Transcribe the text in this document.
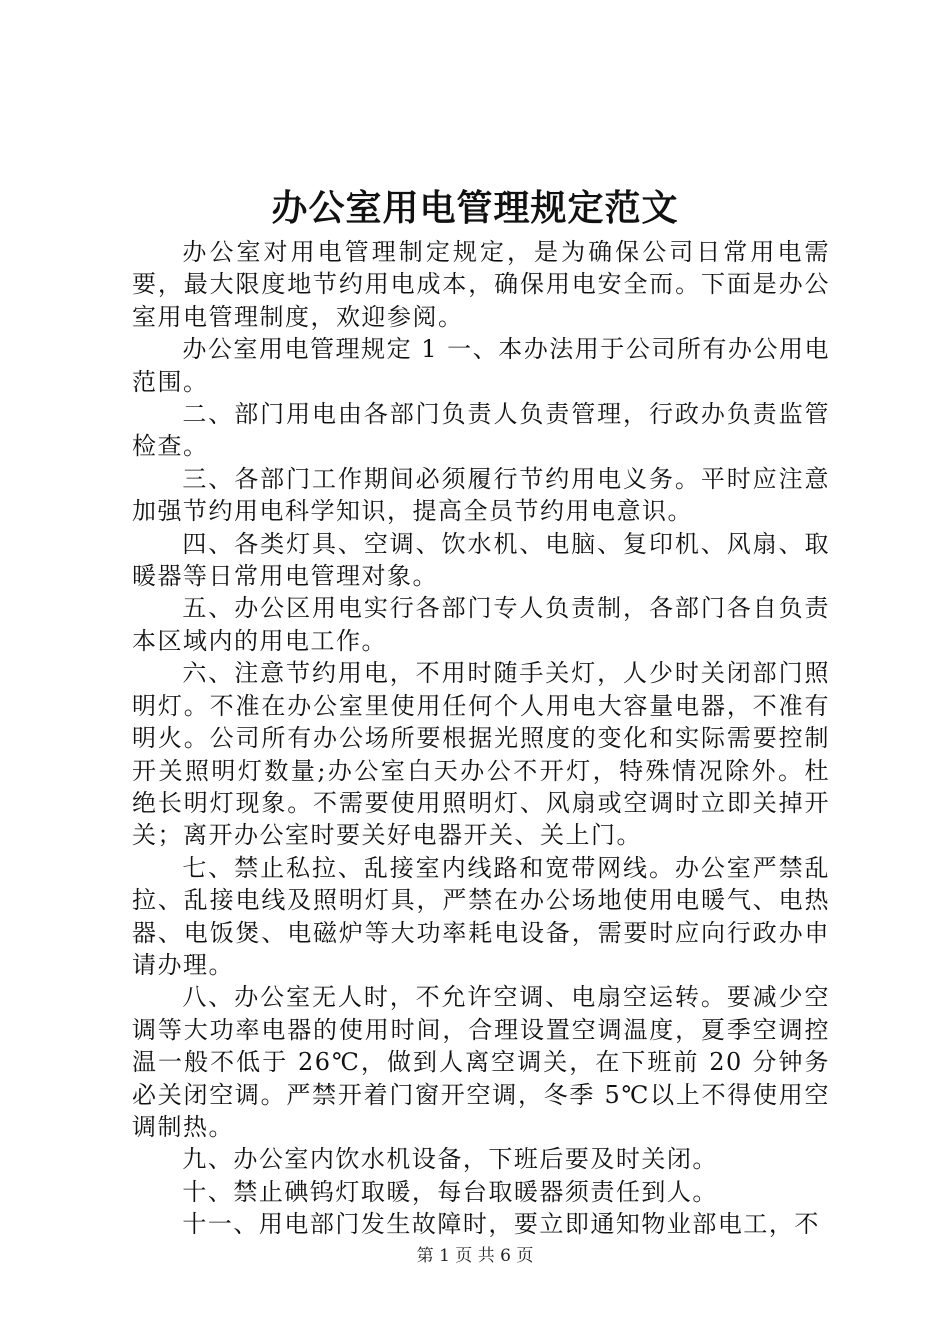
办公室用电管理规定范文

办公室对用电管理制定规定，是为确保公司日常用电需要，最大限度地节约用电成本，确保用电安全而。下面是办公室用电管理制度，欢迎参阅。

办公室用电管理规定 1 一、本办法用于公司所有办公用电范围。

二、部门用电由各部门负责人负责管理，行政办负责监管检查。

三、各部门工作期间必须履行节约用电义务。平时应注意加强节约用电科学知识，提高全员节约用电意识。

四、各类灯具、空调、饮水机、电脑、复印机、风扇、取暖器等日常用电管理对象。

五、办公区用电实行各部门专人负责制，各部门各自负责本区域内的用电工作。

六、注意节约用电，不用时随手关灯，人少时关闭部门照明灯。不准在办公室里使用任何个人用电大容量电器，不准有明火。公司所有办公场所要根据光照度的变化和实际需要控制开关照明灯数量;办公室白天办公不开灯，特殊情况除外。杜绝长明灯现象。不需要使用照明灯、风扇或空调时立即关掉开关；离开办公室时要关好电器开关、关上门。

七、禁止私拉、乱接室内线路和宽带网线。办公室严禁乱拉、乱接电线及照明灯具，严禁在办公场地使用电暖气、电热器、电饭煲、电磁炉等大功率耗电设备，需要时应向行政办申请办理。

八、办公室无人时，不允许空调、电扇空运转。要减少空调等大功率电器的使用时间，合理设置空调温度，夏季空调控温一般不低于 26℃，做到人离空调关，在下班前 20 分钟务必关闭空调。严禁开着门窗开空调，冬季 5℃以上不得使用空调制热。

九、办公室内饮水机设备，下班后要及时关闭。

十、禁止碘钨灯取暖，每台取暖器须责任到人。

十一、用电部门发生故障时，要立即通知物业部电工，不

第 1 页 共 6 页
